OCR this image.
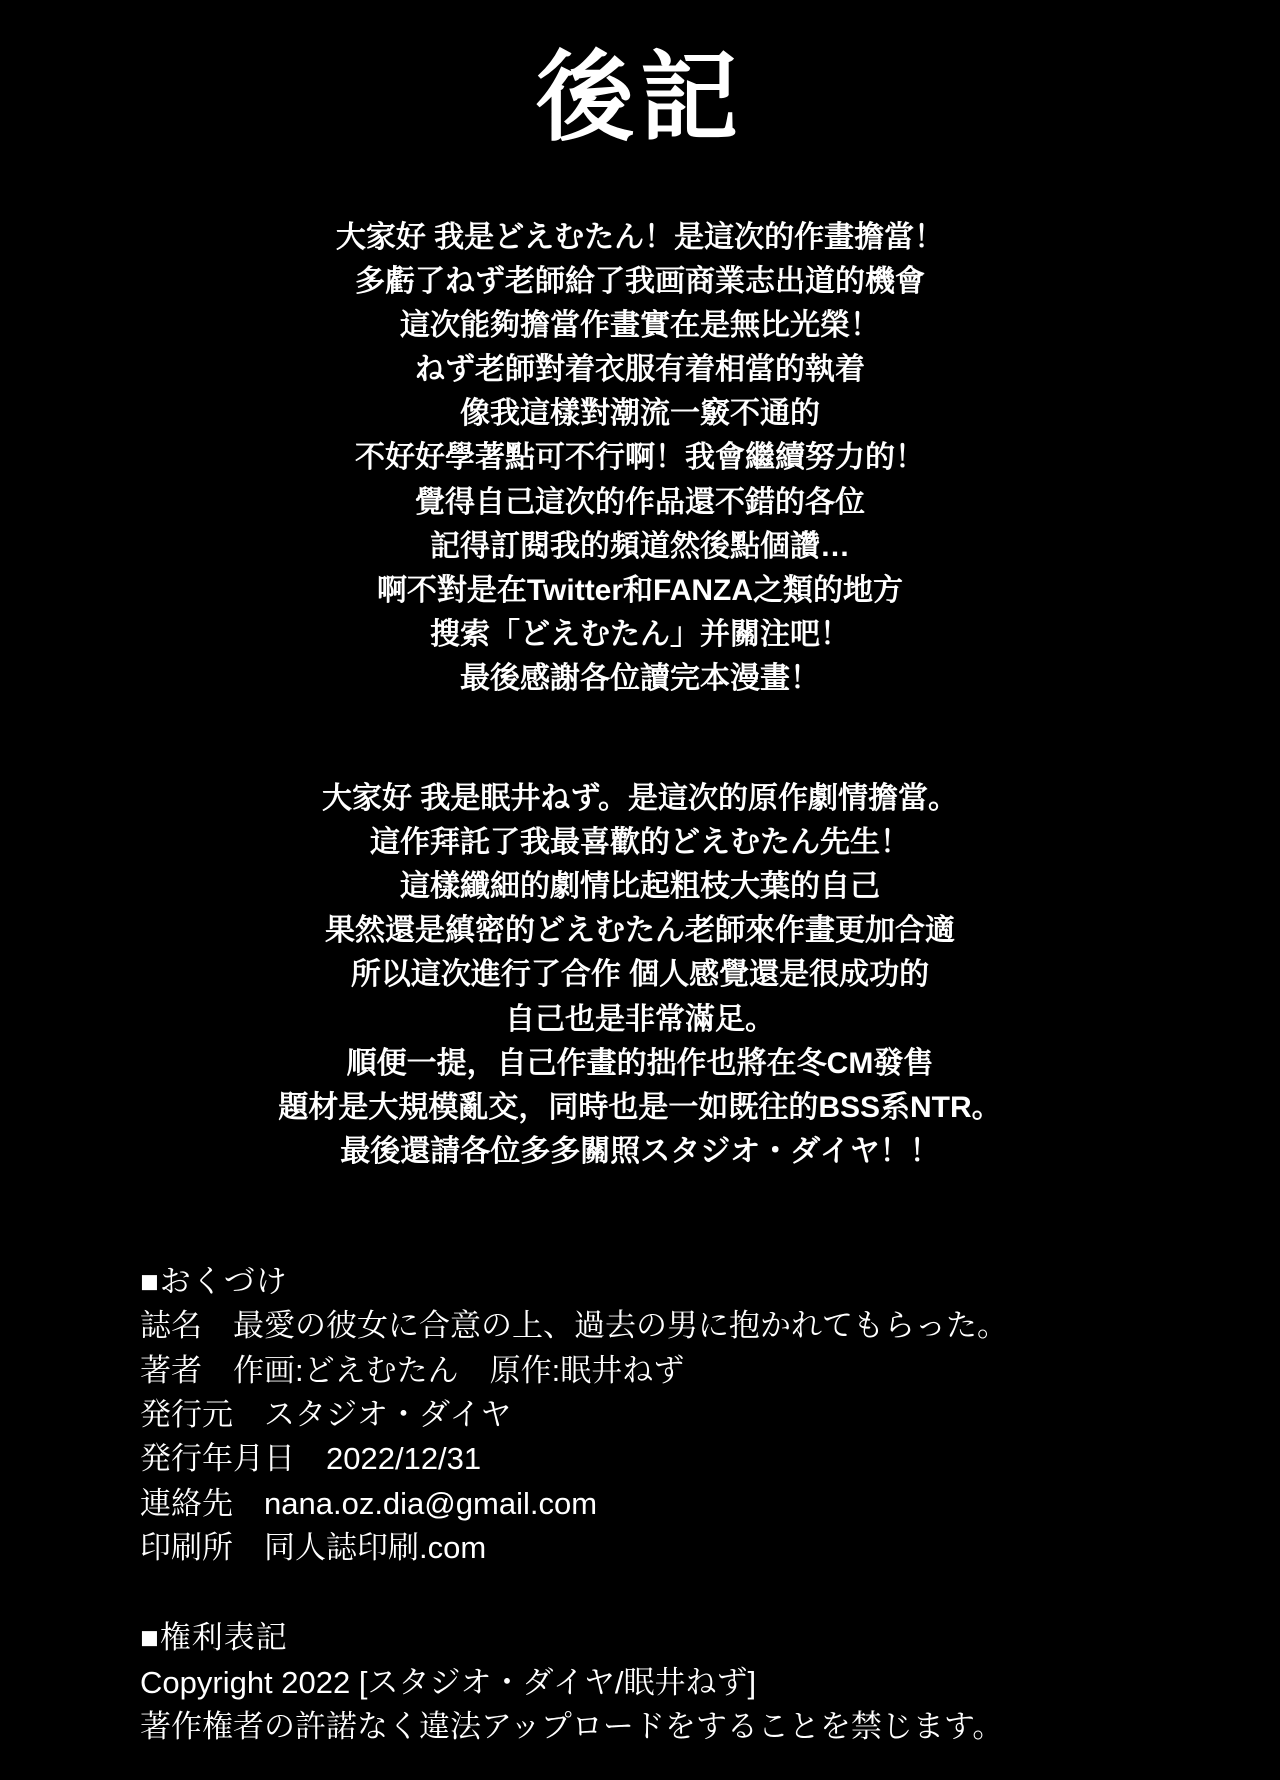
後記

大家好 我是どえむたん！是這次的作畫擔當！

多虧了ねず老師給了我画商業志出道的機會

這次能夠擔當作畫實在是無比光榮！

ねず老師對着衣服有着相當的執着

像我這樣對潮流一竅不通的

不好好學著點可不行啊！我會繼續努力的！

覺得自己這次的作品還不錯的各位

記得訂閱我的頻道然後點個讚…

啊不對是在Twitter和FANZA之類的地方

搜索「どえむたん」并關注吧！

最後感謝各位讀完本漫畫！

大家好 我是眠井ねず。是這次的原作劇情擔當。

這作拜託了我最喜歡的どえむたん先生！

這樣纖細的劇情比起粗枝大葉的自己

果然還是縝密的どえむたん老師來作畫更加合適

所以這次進行了合作 個人感覺還是很成功的

自己也是非常滿足。

順便一提，自己作畫的拙作也將在冬CM發售

題材是大規模亂交，同時也是一如既往的BSS系NTR。

最後還請各位多多關照スタジオ・ダイヤ！！

■おくづけ

誌名　最愛の彼女に合意の上、過去の男に抱かれてもらった。

著者　作画:どえむたん　原作:眠井ねず

発行元　スタジオ・ダイヤ

発行年月日　2022/12/31

連絡先　nana.oz.dia@gmail.com

印刷所　同人誌印刷.com

■権利表記

Copyright 2022 [スタジオ・ダイヤ/眠井ねず]

著作権者の許諾なく違法アップロードをすることを禁じます。
